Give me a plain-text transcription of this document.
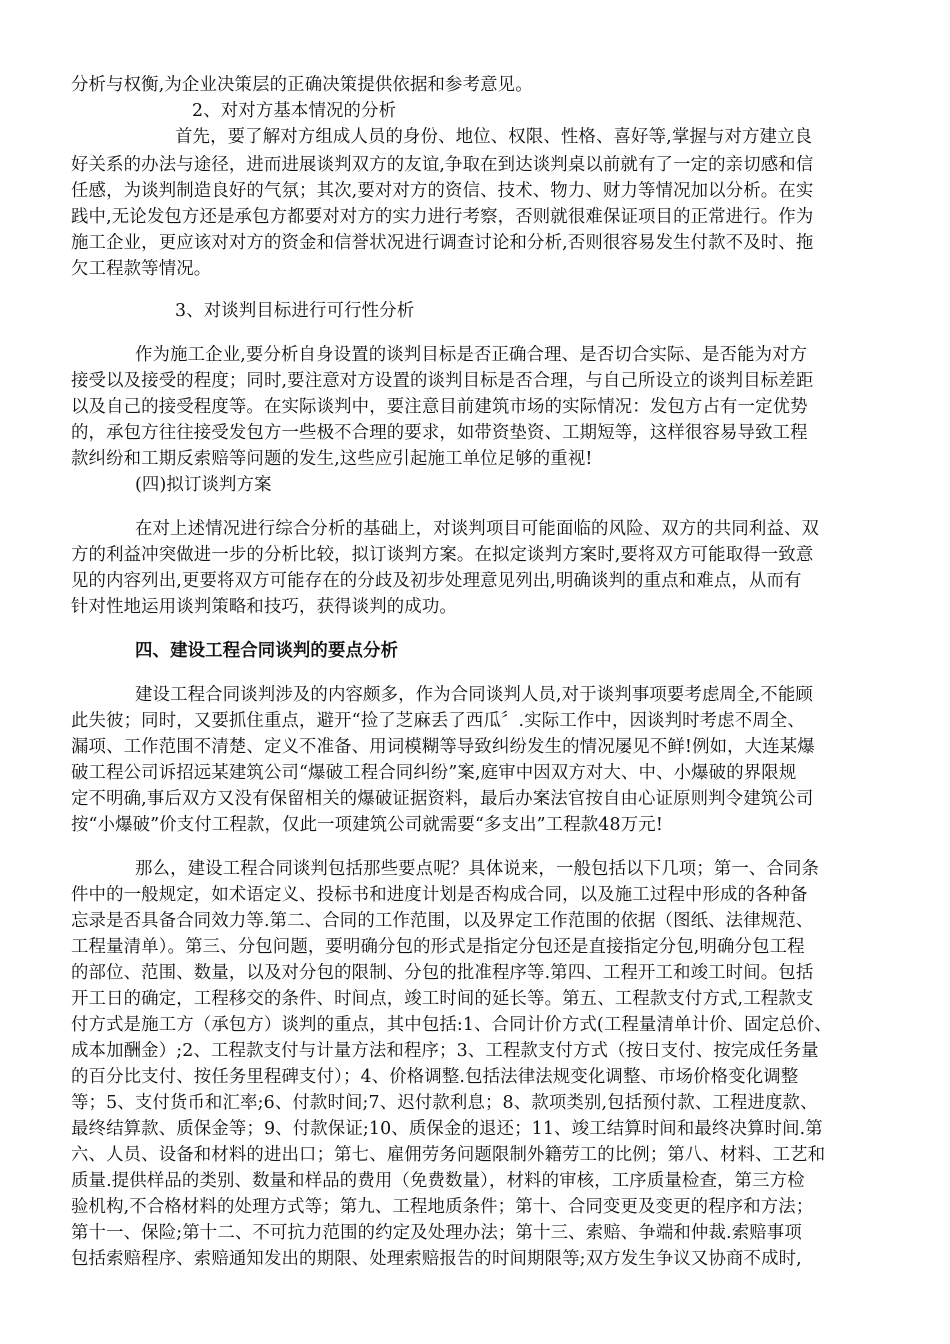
分析与权衡,为企业决策层的正确决策提供依据和参考意见。
2、对对方基本情况的分析
首先，要了解对方组成人员的身份、地位、权限、性格、喜好等,掌握与对方建立良
好关系的办法与途径，进而进展谈判双方的友谊,争取在到达谈判桌以前就有了一定的亲切感和信
任感，为谈判制造良好的气氛；其次,要对对方的资信、技术、物力、财力等情况加以分析。在实
践中,无论发包方还是承包方都要对对方的实力进行考察，否则就很难保证项目的正常进行。作为
施工企业，更应该对对方的资金和信誉状况进行调查讨论和分析,否则很容易发生付款不及时、拖
欠工程款等情况。
3、对谈判目标进行可行性分析
作为施工企业,要分析自身设置的谈判目标是否正确合理、是否切合实际、是否能为对方
接受以及接受的程度；同时,要注意对方设置的谈判目标是否合理，与自己所设立的谈判目标差距
以及自己的接受程度等。在实际谈判中，要注意目前建筑市场的实际情况：发包方占有一定优势
的，承包方往往接受发包方一些极不合理的要求，如带资垫资、工期短等，这样很容易导致工程
款纠纷和工期反索赔等问题的发生,这些应引起施工单位足够的重视!
(四)拟订谈判方案
在对上述情况进行综合分析的基础上，对谈判项目可能面临的风险、双方的共同利益、双
方的利益冲突做进一步的分析比较，拟订谈判方案。在拟定谈判方案时,要将双方可能取得一致意
见的内容列出,更要将双方可能存在的分歧及初步处理意见列出,明确谈判的重点和难点，从而有
针对性地运用谈判策略和技巧，获得谈判的成功。
四、建设工程合同谈判的要点分析
建设工程合同谈判涉及的内容颇多，作为合同谈判人员,对于谈判事项要考虑周全,不能顾
此失彼；同时，又要抓住重点，避开“捡了芝麻丢了西瓜〞.实际工作中，因谈判时考虑不周全、
漏项、工作范围不清楚、定义不准备、用词模糊等导致纠纷发生的情况屡见不鲜!例如，大连某爆
破工程公司诉招远某建筑公司“爆破工程合同纠纷”案,庭审中因双方对大、中、小爆破的界限规
定不明确,事后双方又没有保留相关的爆破证据资料，最后办案法官按自由心证原则判令建筑公司
按“小爆破”价支付工程款，仅此一项建筑公司就需要“多支出”工程款48万元!
那么，建设工程合同谈判包括那些要点呢？具体说来，一般包括以下几项；第一、合同条
件中的一般规定，如术语定义、投标书和进度计划是否构成合同，以及施工过程中形成的各种备
忘录是否具备合同效力等.第二、合同的工作范围，以及界定工作范围的依据（图纸、法律规范、
工程量清单）。第三、分包问题，要明确分包的形式是指定分包还是直接指定分包,明确分包工程
的部位、范围、数量，以及对分包的限制、分包的批准程序等.第四、工程开工和竣工时间。包括
开工日的确定，工程移交的条件、时间点，竣工时间的延长等。第五、工程款支付方式,工程款支
付方式是施工方（承包方）谈判的重点，其中包括:1、合同计价方式(工程量清单计价、固定总价、
成本加酬金）;2、工程款支付与计量方法和程序；3、工程款支付方式（按日支付、按完成任务量
的百分比支付、按任务里程碑支付）；4、价格调整.包括法律法规变化调整、市场价格变化调整
等；5、支付货币和汇率;6、付款时间;7、迟付款利息；8、款项类别,包括预付款、工程进度款、
最终结算款、质保金等；9、付款保证;10、质保金的退还；11、竣工结算时间和最终决算时间.第
六、人员、设备和材料的进出口；第七、雇佣劳务问题限制外籍劳工的比例；第八、材料、工艺和
质量.提供样品的类别、数量和样品的费用（免费数量），材料的审核，工序质量检查，第三方检
验机构,不合格材料的处理方式等；第九、工程地质条件；第十、合同变更及变更的程序和方法；
第十一、保险;第十二、不可抗力范围的约定及处理办法；第十三、索赔、争端和仲裁.索赔事项
包括索赔程序、索赔通知发出的期限、处理索赔报告的时间期限等;双方发生争议又协商不成时,
